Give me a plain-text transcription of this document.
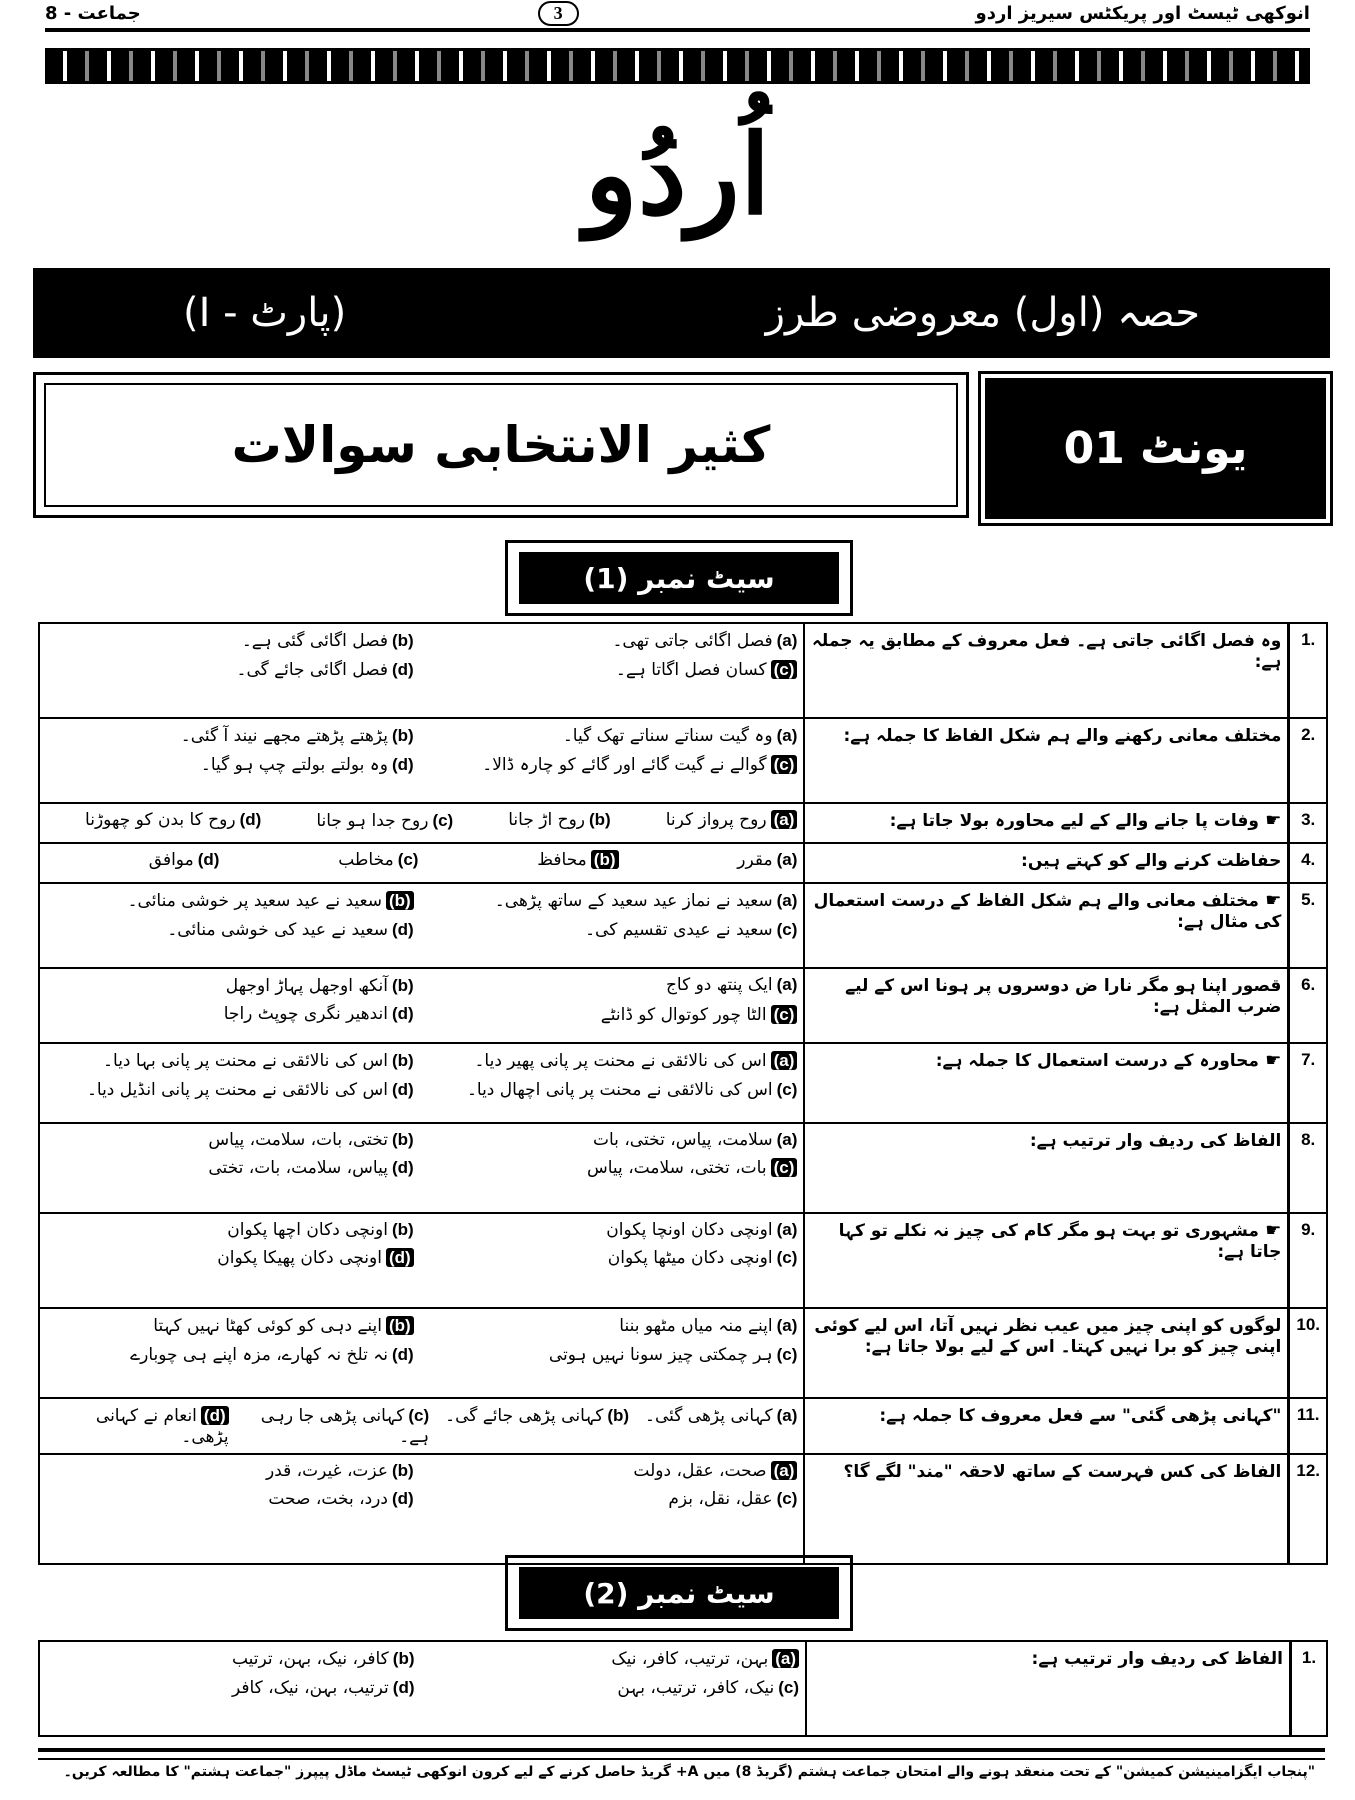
جماعت - 8	3	انوکھی ٹیسٹ اور پریکٹس سیریز اردو
اُردُو
حصہ (اول) معروضی طرز
(پارٹ - I)
کثیر الانتخابی سوالات	یونٹ 01
سیٹ نمبر (1)
1.	وہ فصل اگائی جاتی ہے۔ فعل معروف کے مطابق یہ جملہ ہے:	(a)فصل اگائی جاتی تھی۔
(b)فصل اگائی گئی ہے۔
(c)کسان فصل اگاتا ہے۔
(d)فصل اگائی جائے گی۔

2.	مختلف معانی رکھنے والے ہم شکل الفاظ کا جملہ ہے:	(a)وہ گیت سناتے سناتے تھک گیا۔
(b)پڑھتے پڑھتے مجھے نیند آ گئی۔
(c)گوالے نے گیت گائے اور گائے کو چارہ ڈالا۔
(d)وہ بولتے بولتے چپ ہو گیا۔

3.	☛ وفات پا جانے والے کے لیے محاورہ بولا جاتا ہے:	(a)روح پرواز کرنا
(b)روح اڑ جانا
(c)روح جدا ہو جانا
(d)روح کا بدن کو چھوڑنا

4.	حفاظت کرنے والے کو کہتے ہیں:	(a)مقرر
(b)محافظ
(c)مخاطب
(d)موافق

5.	☛ مختلف معانی والے ہم شکل الفاظ کے درست استعمال کی مثال ہے:	(a)سعید نے نماز عید سعید کے ساتھ پڑھی۔
(b)سعید نے عید سعید پر خوشی منائی۔
(c)سعید نے عیدی تقسیم کی۔
(d)سعید نے عید کی خوشی منائی۔

6.	قصور اپنا ہو مگر نارا ض دوسروں پر ہونا اس کے لیے ضرب المثل ہے:	(a)ایک پنتھ دو کاج
(b)آنکھ اوجھل پہاڑ اوجھل
(c)الٹا چور کوتوال کو ڈانٹے
(d)اندھیر نگری چوپٹ راجا

7.	☛ محاورہ کے درست استعمال کا جملہ ہے:	(a)اس کی نالائقی نے محنت پر پانی پھیر دیا۔
(b)اس کی نالائقی نے محنت پر پانی بہا دیا۔
(c)اس کی نالائقی نے محنت پر پانی اچھال دیا۔
(d)اس کی نالائقی نے محنت پر پانی انڈیل دیا۔

8.	الفاظ کی ردیف وار ترتیب ہے:	(a)سلامت، پیاس، تختی، بات
(b)تختی، بات، سلامت، پیاس
(c)بات، تختی، سلامت، پیاس
(d)پیاس، سلامت، بات، تختی

9.	☛ مشہوری تو بہت ہو مگر کام کی چیز نہ نکلے تو کہا جاتا ہے:	(a)اونچی دکان اونچا پکوان
(b)اونچی دکان اچھا پکوان
(c)اونچی دکان میٹھا پکوان
(d)اونچی دکان پھیکا پکوان

10.	لوگوں کو اپنی چیز میں عیب نظر نہیں آتا، اس لیے کوئی اپنی چیز کو برا نہیں کہتا۔ اس کے لیے بولا جاتا ہے:	(a)اپنے منہ میاں مٹھو بننا
(b)اپنے دہی کو کوئی کھٹا نہیں کہتا
(c)ہر چمکتی چیز سونا نہیں ہوتی
(d)نہ تلخ نہ کھارے، مزہ اپنے ہی چوبارے

11.	"کہانی پڑھی گئی" سے فعل معروف کا جملہ ہے:	(a)کہانی پڑھی گئی۔
(b)کہانی پڑھی جائے گی۔
(c)کہانی پڑھی جا رہی ہے۔
(d)انعام نے کہانی پڑھی۔

12.	الفاظ کی کس فہرست کے ساتھ لاحقہ "مند" لگے گا؟	(a)صحت، عقل، دولت
(b)عزت، غیرت، قدر
(c)عقل، نقل، بزم
(d)درد، بخت، صحت
سیٹ نمبر (2)
1.	الفاظ کی ردیف وار ترتیب ہے:	
(a)بہن، ترتیب، کافر، نیک
(b)کافر، نیک، بہن، ترتیب
(c)نیک، کافر، ترتیب، بہن
(d)ترتیب، بہن، نیک، کافر
"پنجاب ایگزامینیشن کمیشن" کے تحت منعقد ہونے والے امتحان جماعت ہشتم (گریڈ 8) میں A+ گریڈ حاصل کرنے کے لیے کرون انوکھی ٹیسٹ ماڈل پیپرز "جماعت ہشتم" کا مطالعہ کریں۔
